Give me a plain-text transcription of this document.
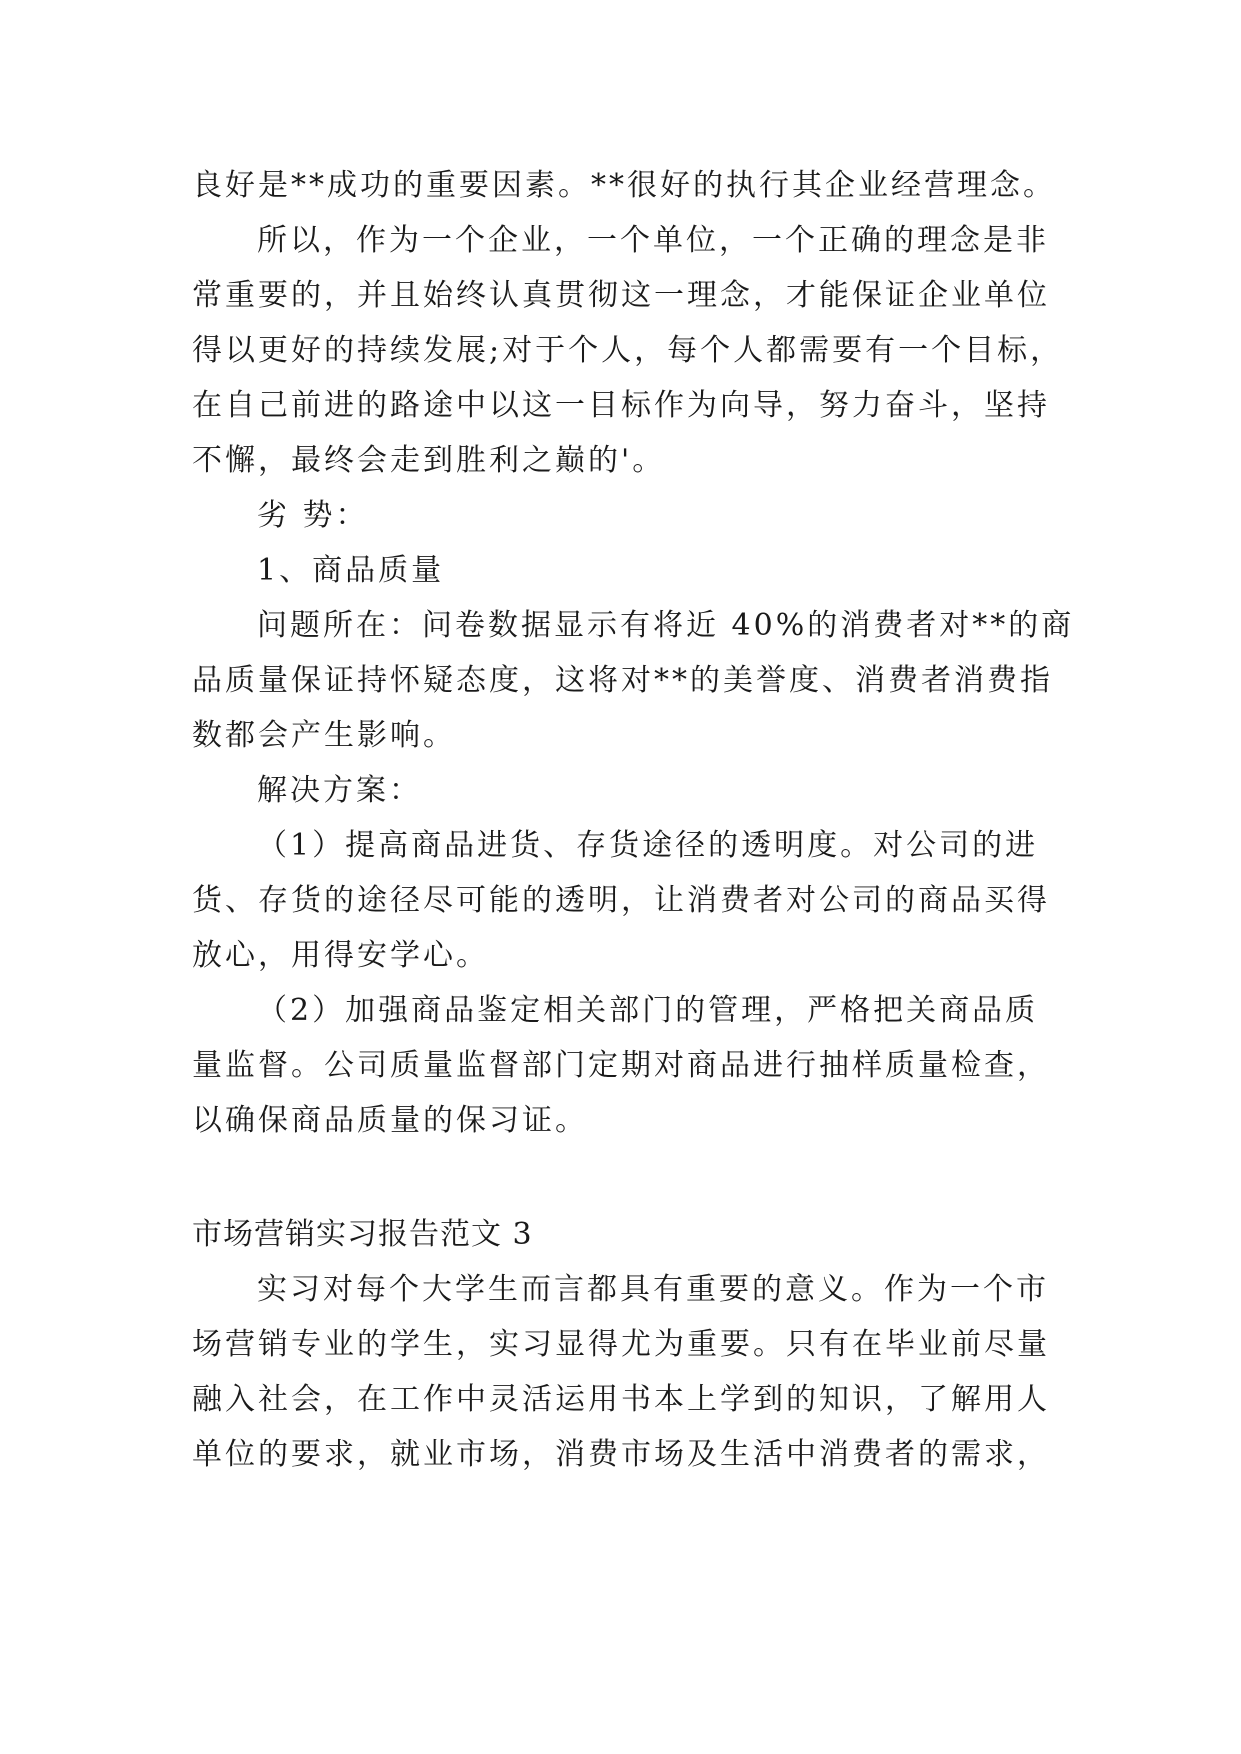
良好是**成功的重要因素。**很好的执行其企业经营理念。
所以，作为一个企业，一个单位，一个正确的理念是非
常重要的，并且始终认真贯彻这一理念，才能保证企业单位
得以更好的持续发展;对于个人，每个人都需要有一个目标，
在自己前进的路途中以这一目标作为向导，努力奋斗，坚持
不懈，最终会走到胜利之巅的'。
劣 势：
1、商品质量
问题所在：问卷数据显示有将近 40%的消费者对**的商
品质量保证持怀疑态度，这将对**的美誉度、消费者消费指
数都会产生影响。
解决方案：
（1）提高商品进货、存货途径的透明度。对公司的进
货、存货的途径尽可能的透明，让消费者对公司的商品买得
放心，用得安学心。
（2）加强商品鉴定相关部门的管理，严格把关商品质
量监督。公司质量监督部门定期对商品进行抽样质量检查，
以确保商品质量的保习证。
市场营销实习报告范文 3
实习对每个大学生而言都具有重要的意义。作为一个市
场营销专业的学生，实习显得尤为重要。只有在毕业前尽量
融入社会，在工作中灵活运用书本上学到的知识，了解用人
单位的要求，就业市场，消费市场及生活中消费者的需求，
